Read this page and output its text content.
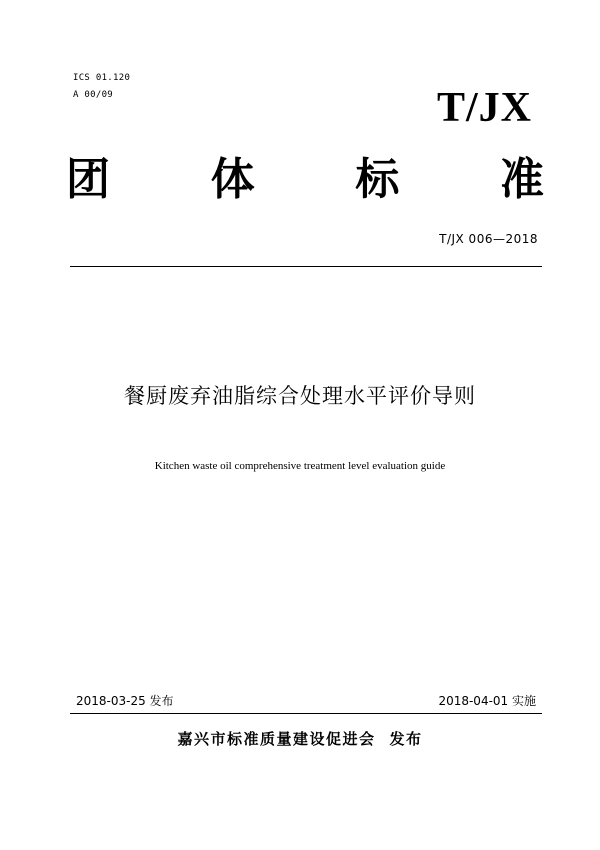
ICS 01.120
A 00/09	T/JX
团 体 标 准
T/JX 006—2018
餐厨废弃油脂综合处理水平评价导则
Kitchen waste oil comprehensive treatment level evaluation guide
2018-03-25 发布	2018-04-01 实施
嘉兴市标准质量建设促进会 发布
